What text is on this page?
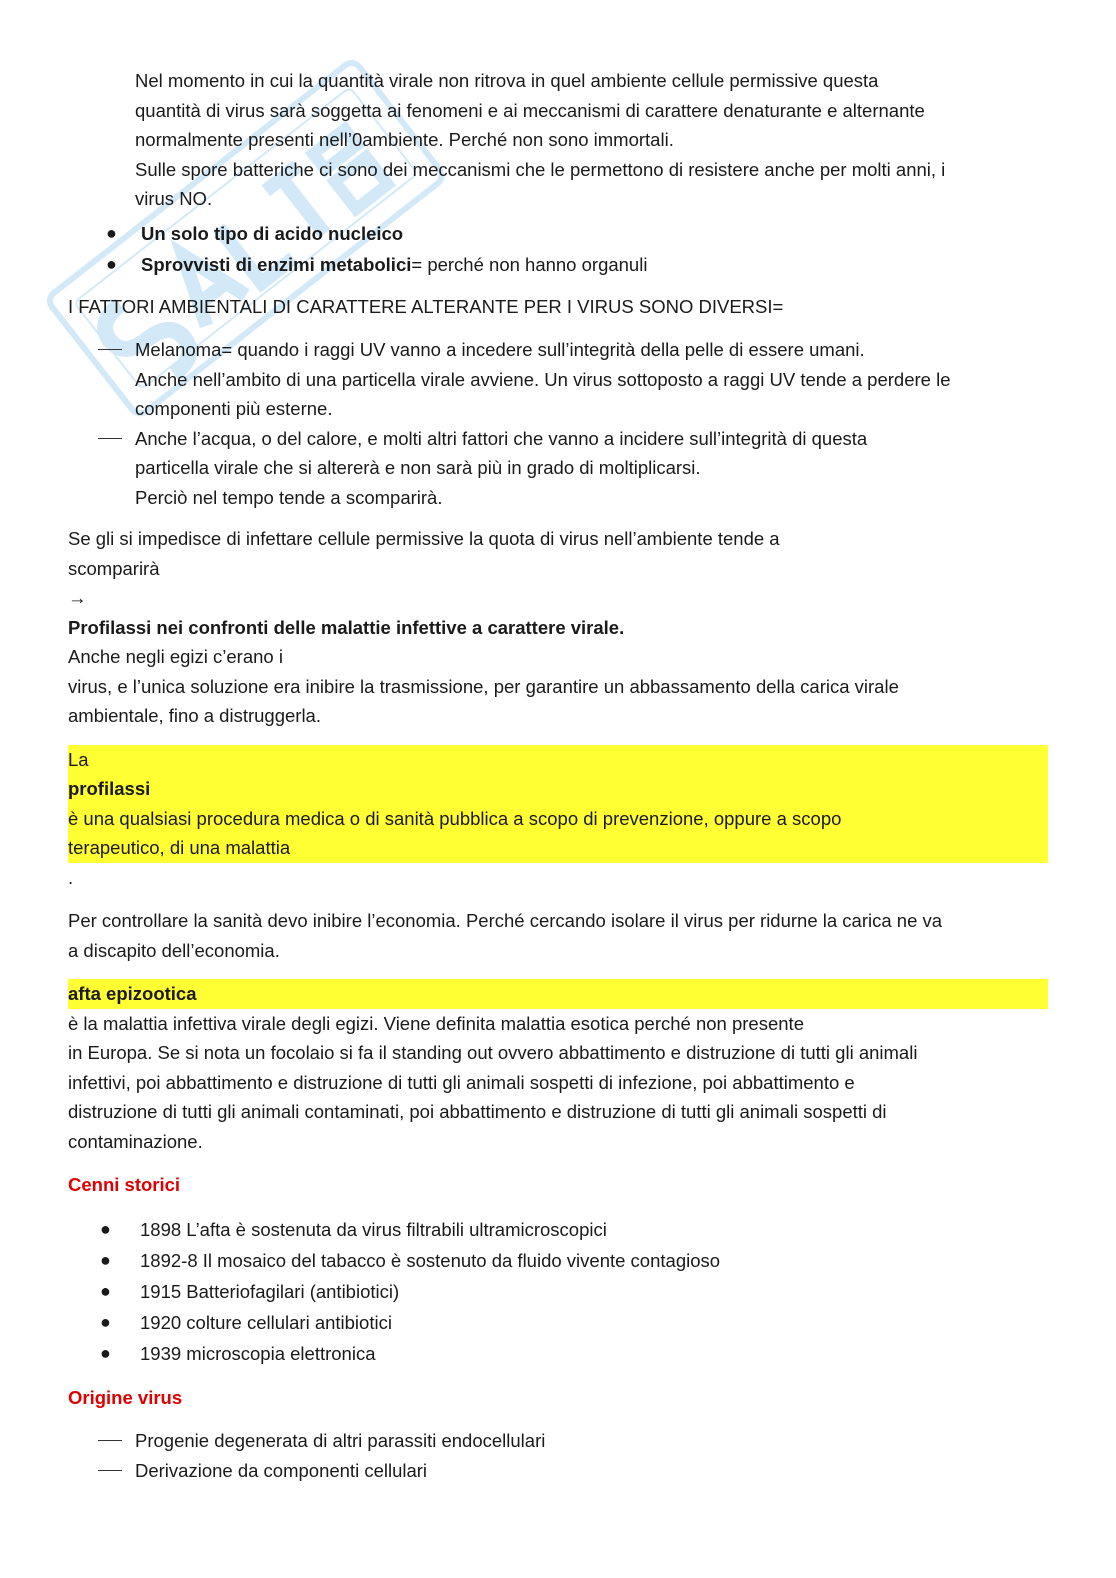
Nel momento in cui la quantità virale non ritrova in quel ambiente cellule permissive questa
quantità di virus sarà soggetta ai fenomeni e ai meccanismi di carattere denaturante e alternante
normalmente presenti nell’0ambiente. Perché non sono immortali.
Sulle spore batteriche ci sono dei meccanismi che le permettono di resistere anche per molti anni, i
virus NO.

● Un solo tipo di acido nucleico
● Sprovvisti di enzimi metabolici= perché non hanno organuli

I FATTORI AMBIENTALI DI CARATTERE ALTERANTE PER I VIRUS SONO DIVERSI=

Melanoma= quando i raggi UV vanno a incedere sull’integrità della pelle di essere umani.
Anche nell’ambito di una particella virale avviene. Un virus sottoposto a raggi UV tende a perdere le
componenti più esterne.
Anche l’acqua, o del calore, e molti altri fattori che vanno a incidere sull’integrità di questa
particella virale che si altererà e non sarà più in grado di moltiplicarsi.
Perciò nel tempo tende a scomparirà.

Se gli si impedisce di infettare cellule permissive la quota di virus nell’ambiente tende a
scomparirà
→
Profilassi nei confronti delle malattie infettive a carattere virale.
Anche negli egizi c’erano i
virus, e l’unica soluzione era inibire la trasmissione, per garantire un abbassamento della carica virale
ambientale, fino a distruggerla.

La
profilassi
è una qualsiasi procedura medica o di sanità pubblica a scopo di prevenzione, oppure a scopo
terapeutico, di una malattia
.

Per controllare la sanità devo inibire l’economia. Perché cercando isolare il virus per ridurne la carica ne va
a discapito dell’economia.

afta epizootica
è la malattia infettiva virale degli egizi. Viene definita malattia esotica perché non presente
in Europa. Se si nota un focolaio si fa il standing out ovvero abbattimento e distruzione di tutti gli animali
infettivi, poi abbattimento e distruzione di tutti gli animali sospetti di infezione, poi abbattimento e
distruzione di tutti gli animali contaminati, poi abbattimento e distruzione di tutti gli animali sospetti di
contaminazione.

Cenni storici

● 1898 L’afta è sostenuta da virus filtrabili ultramicroscopici
● 1892-8 Il mosaico del tabacco è sostenuto da fluido vivente contagioso
● 1915 Batteriofagilari (antibiotici)
● 1920 colture cellulari antibiotici
● 1939 microscopia elettronica

Origine virus

Progenie degenerata di altri parassiti endocellulari
Derivazione da componenti cellulari
